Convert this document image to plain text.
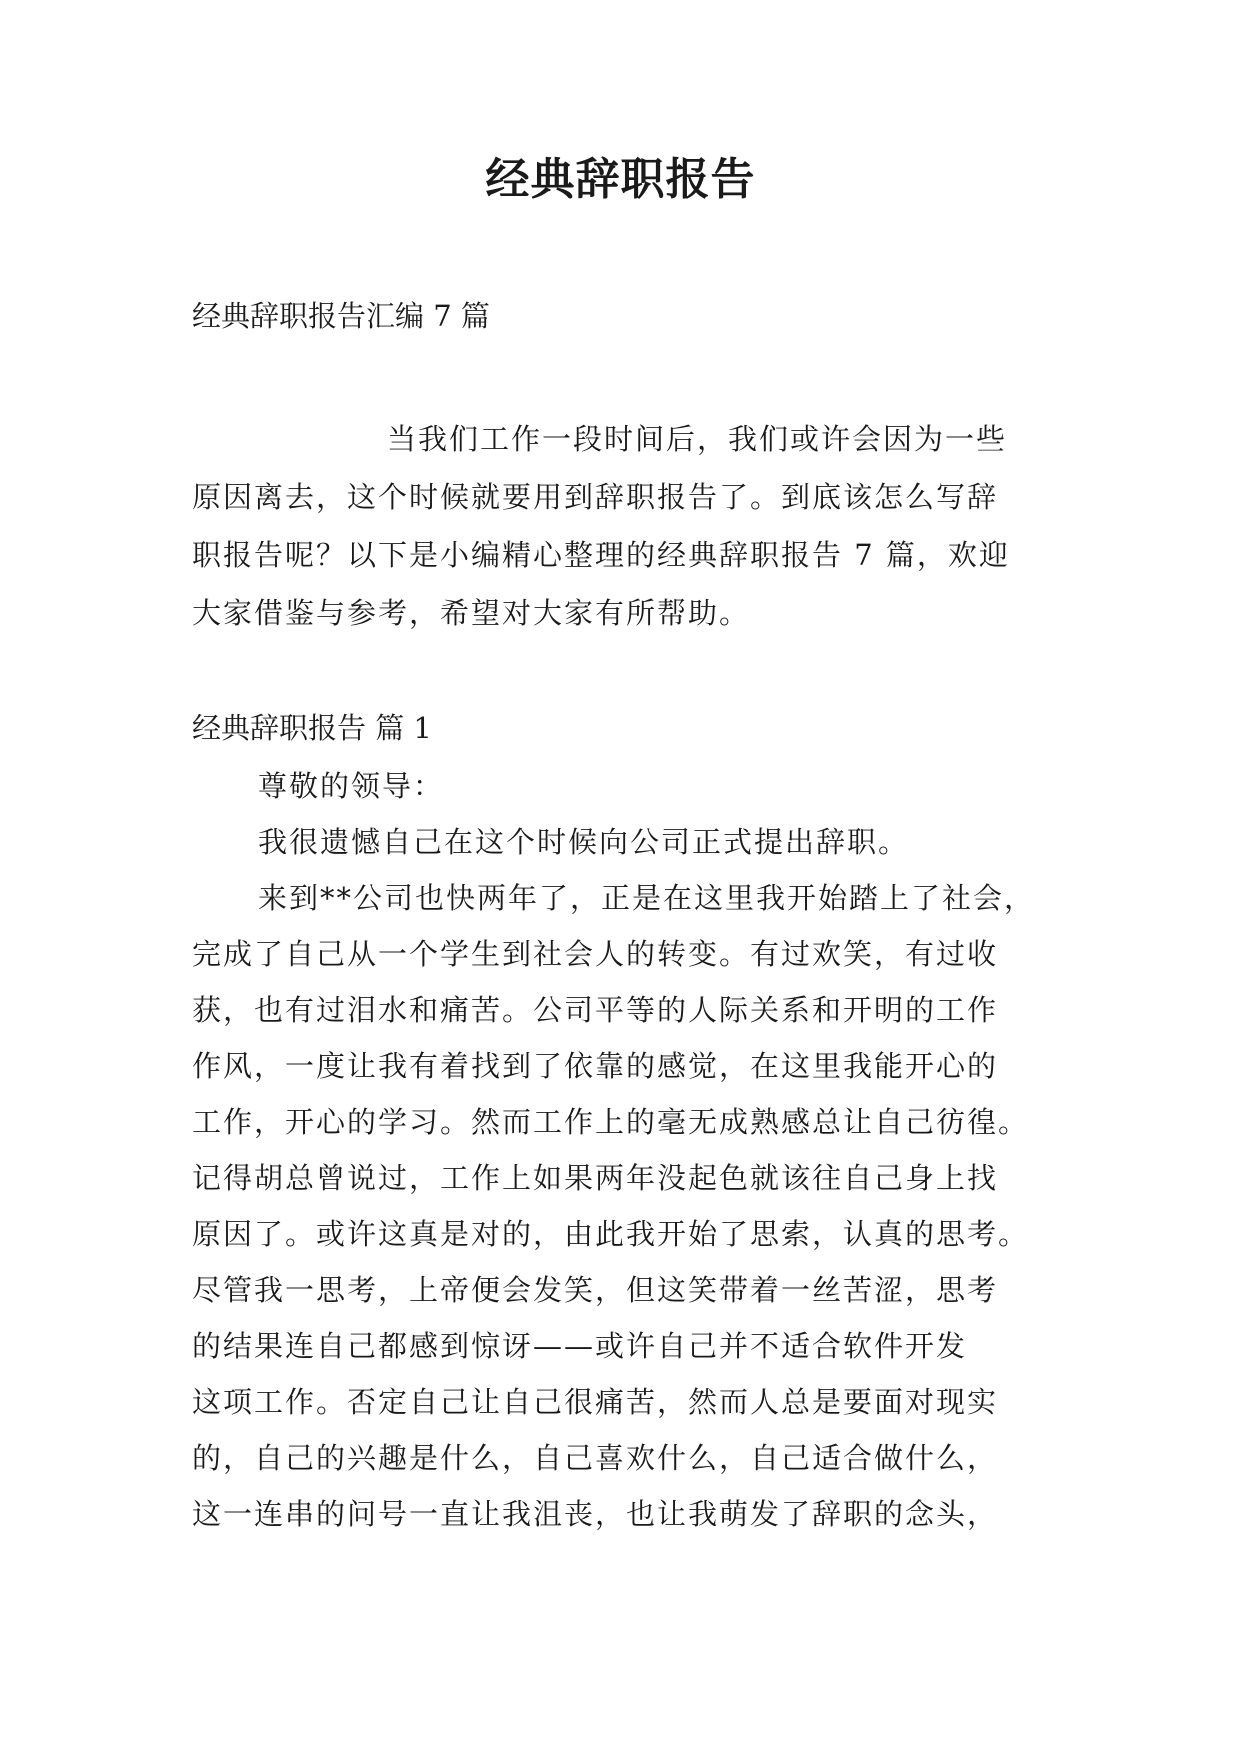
经典辞职报告
经典辞职报告汇编 7 篇
当我们工作一段时间后，我们或许会因为一些
原因离去，这个时候就要用到辞职报告了。到底该怎么写辞
职报告呢？以下是小编精心整理的经典辞职报告 7 篇，欢迎
大家借鉴与参考，希望对大家有所帮助。
经典辞职报告 篇 1
尊敬的领导：
我很遗憾自己在这个时候向公司正式提出辞职。
来到**公司也快两年了，正是在这里我开始踏上了社会，
完成了自己从一个学生到社会人的转变。有过欢笑，有过收
获，也有过泪水和痛苦。公司平等的人际关系和开明的工作
作风，一度让我有着找到了依靠的感觉，在这里我能开心的
工作，开心的学习。然而工作上的毫无成熟感总让自己彷徨。
记得胡总曾说过，工作上如果两年没起色就该往自己身上找
原因了。或许这真是对的，由此我开始了思索，认真的思考。
尽管我一思考，上帝便会发笑，但这笑带着一丝苦涩，思考
的结果连自己都感到惊讶——或许自己并不适合软件开发
这项工作。否定自己让自己很痛苦，然而人总是要面对现实
的，自己的兴趣是什么，自己喜欢什么，自己适合做什么，
这一连串的问号一直让我沮丧，也让我萌发了辞职的念头，
